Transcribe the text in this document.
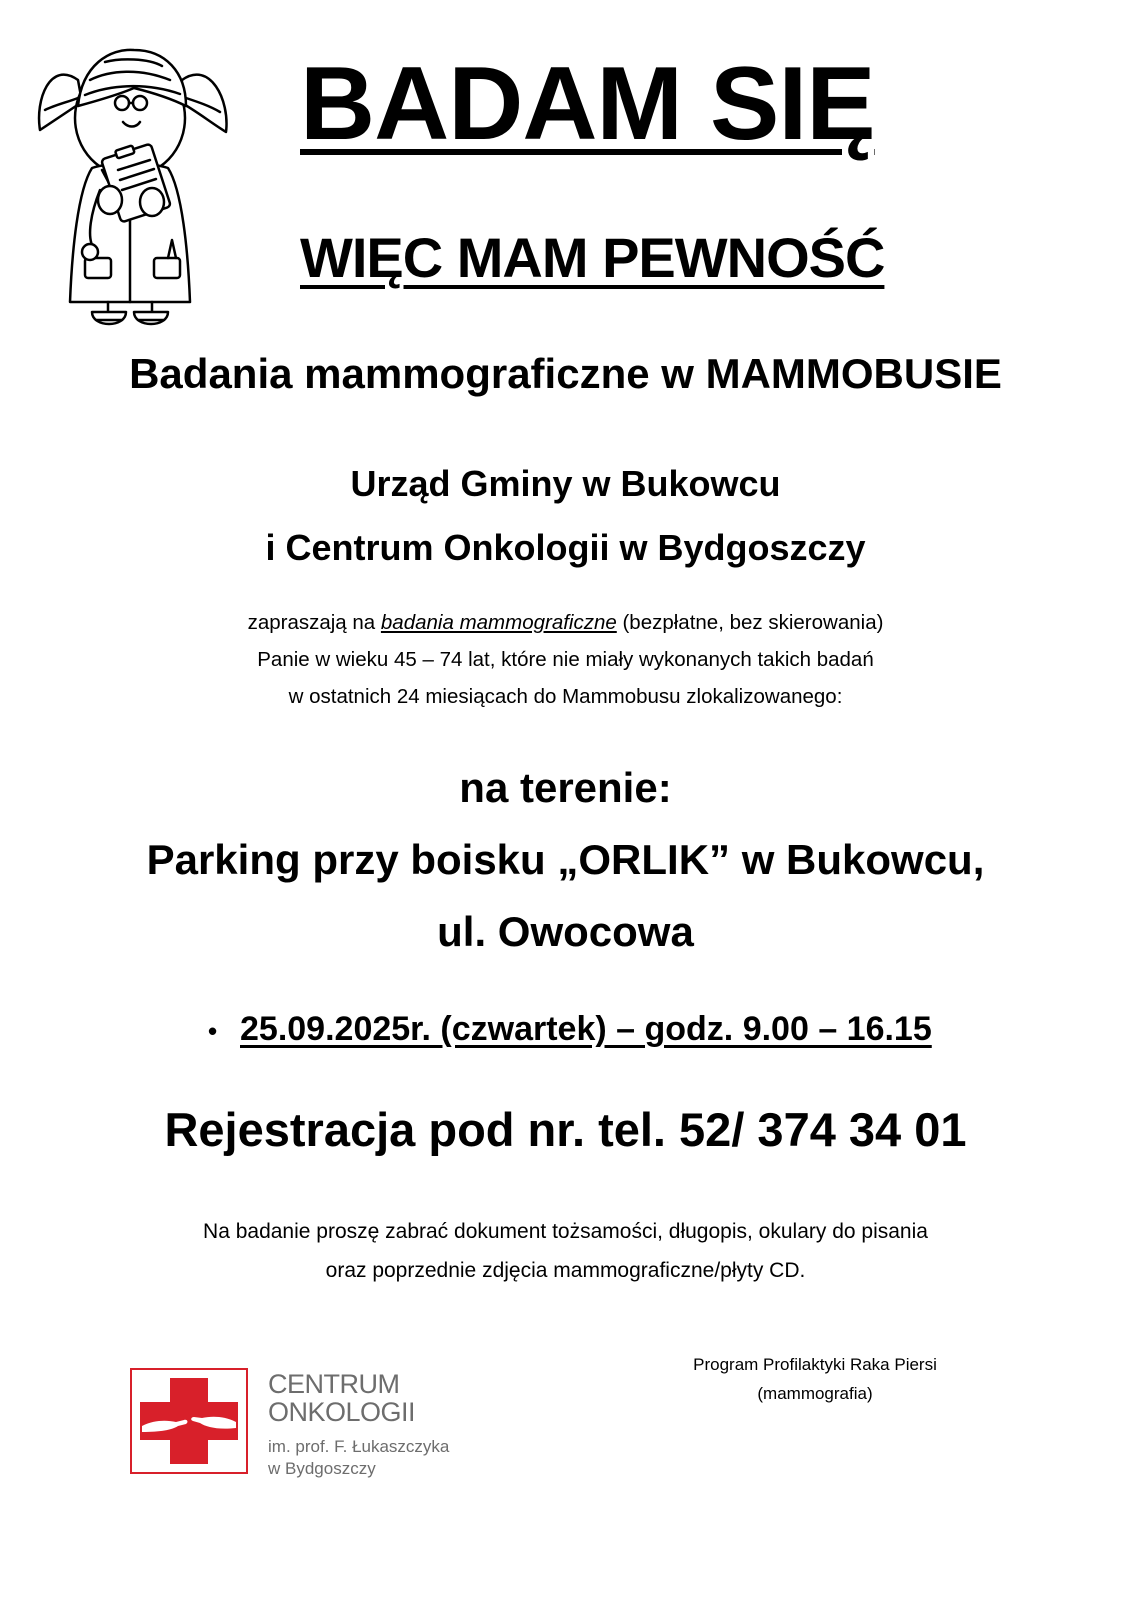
BADAM SIĘ
WIĘC MAM PEWNOŚĆ
Badania mammograficzne w MAMMOBUSIE
Urząd Gminy w Bukowcu
i Centrum Onkologii w Bydgoszczy
zapraszają na badania mammograficzne (bezpłatne, bez skierowania)
Panie w wieku 45 – 74 lat, które nie miały wykonanych takich badań
w ostatnich 24 miesiącach do Mammobusu zlokalizowanego:
na terenie:
Parking przy boisku „ORLIK” w Bukowcu,
ul. Owocowa
• 25.09.2025r. (czwartek) – godz. 9.00 – 16.15
Rejestracja pod nr. tel. 52/ 374 34 01
Na badanie proszę zabrać dokument tożsamości, długopis, okulary do pisania
oraz poprzednie zdjęcia mammograficzne/płyty CD.
Program Profilaktyki Raka Piersi
(mammografia)
CENTRUM
ONKOLOGII
im. prof. F. Łukaszczyka
w Bydgoszczy
